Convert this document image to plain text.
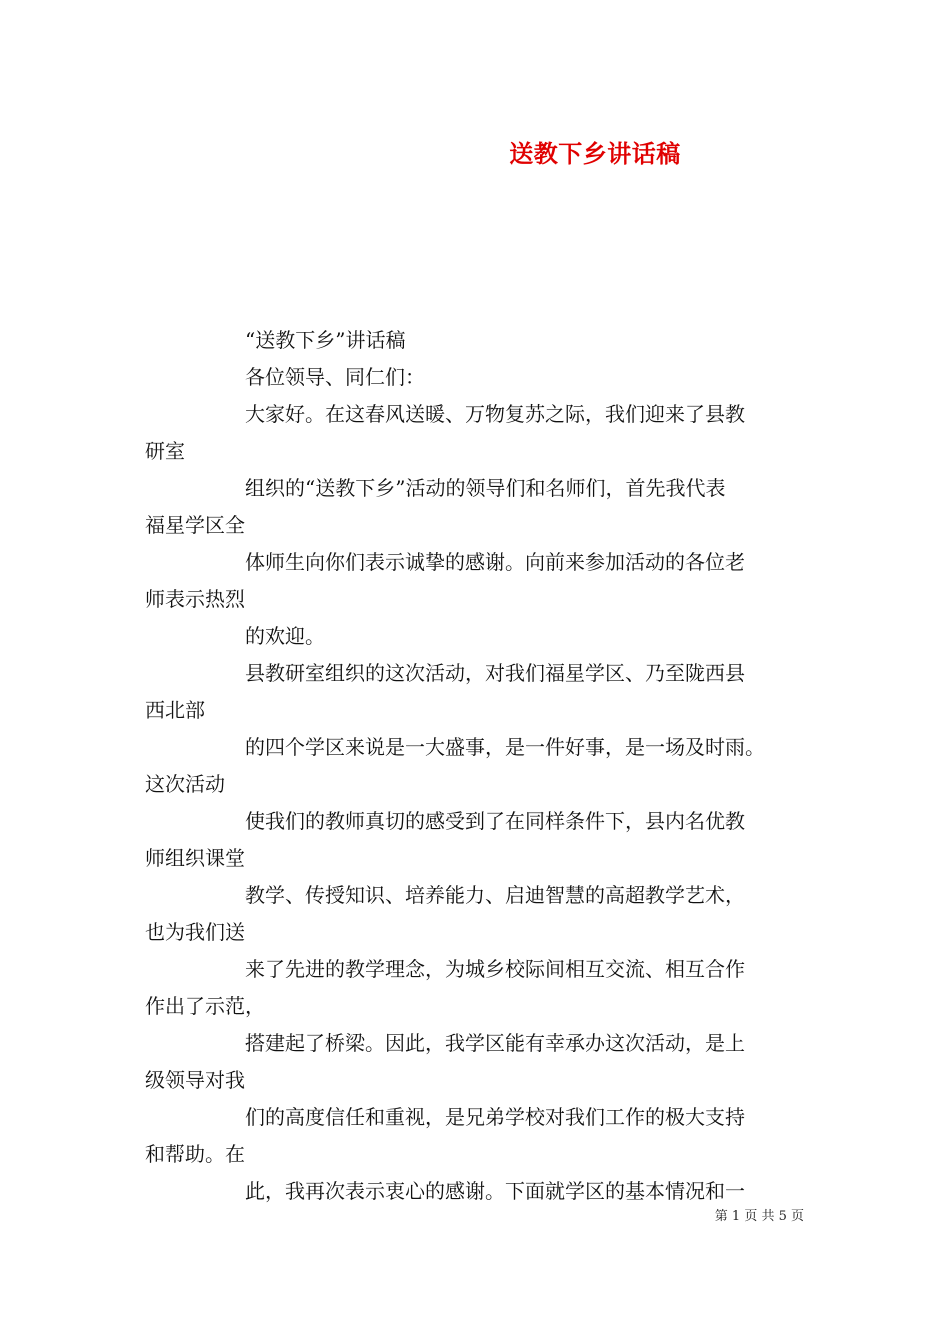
送教下乡讲话稿
“送教下乡”讲话稿
各位领导、同仁们：
大家好。在这春风送暖、万物复苏之际，我们迎来了县教
研室
组织的“送教下乡”活动的领导们和名师们，首先我代表
福星学区全
体师生向你们表示诚挚的感谢。向前来参加活动的各位老
师表示热烈
的欢迎。
县教研室组织的这次活动，对我们福星学区、乃至陇西县
西北部
的四个学区来说是一大盛事，是一件好事，是一场及时雨。
这次活动
使我们的教师真切的感受到了在同样条件下，县内名优教
师组织课堂
教学、传授知识、培养能力、启迪智慧的高超教学艺术，
也为我们送
来了先进的教学理念，为城乡校际间相互交流、相互合作
作出了示范，
搭建起了桥梁。因此，我学区能有幸承办这次活动，是上
级领导对我
们的高度信任和重视，是兄弟学校对我们工作的极大支持
和帮助。在
此，我再次表示衷心的感谢。下面就学区的基本情况和一
第 1 页 共 5 页
